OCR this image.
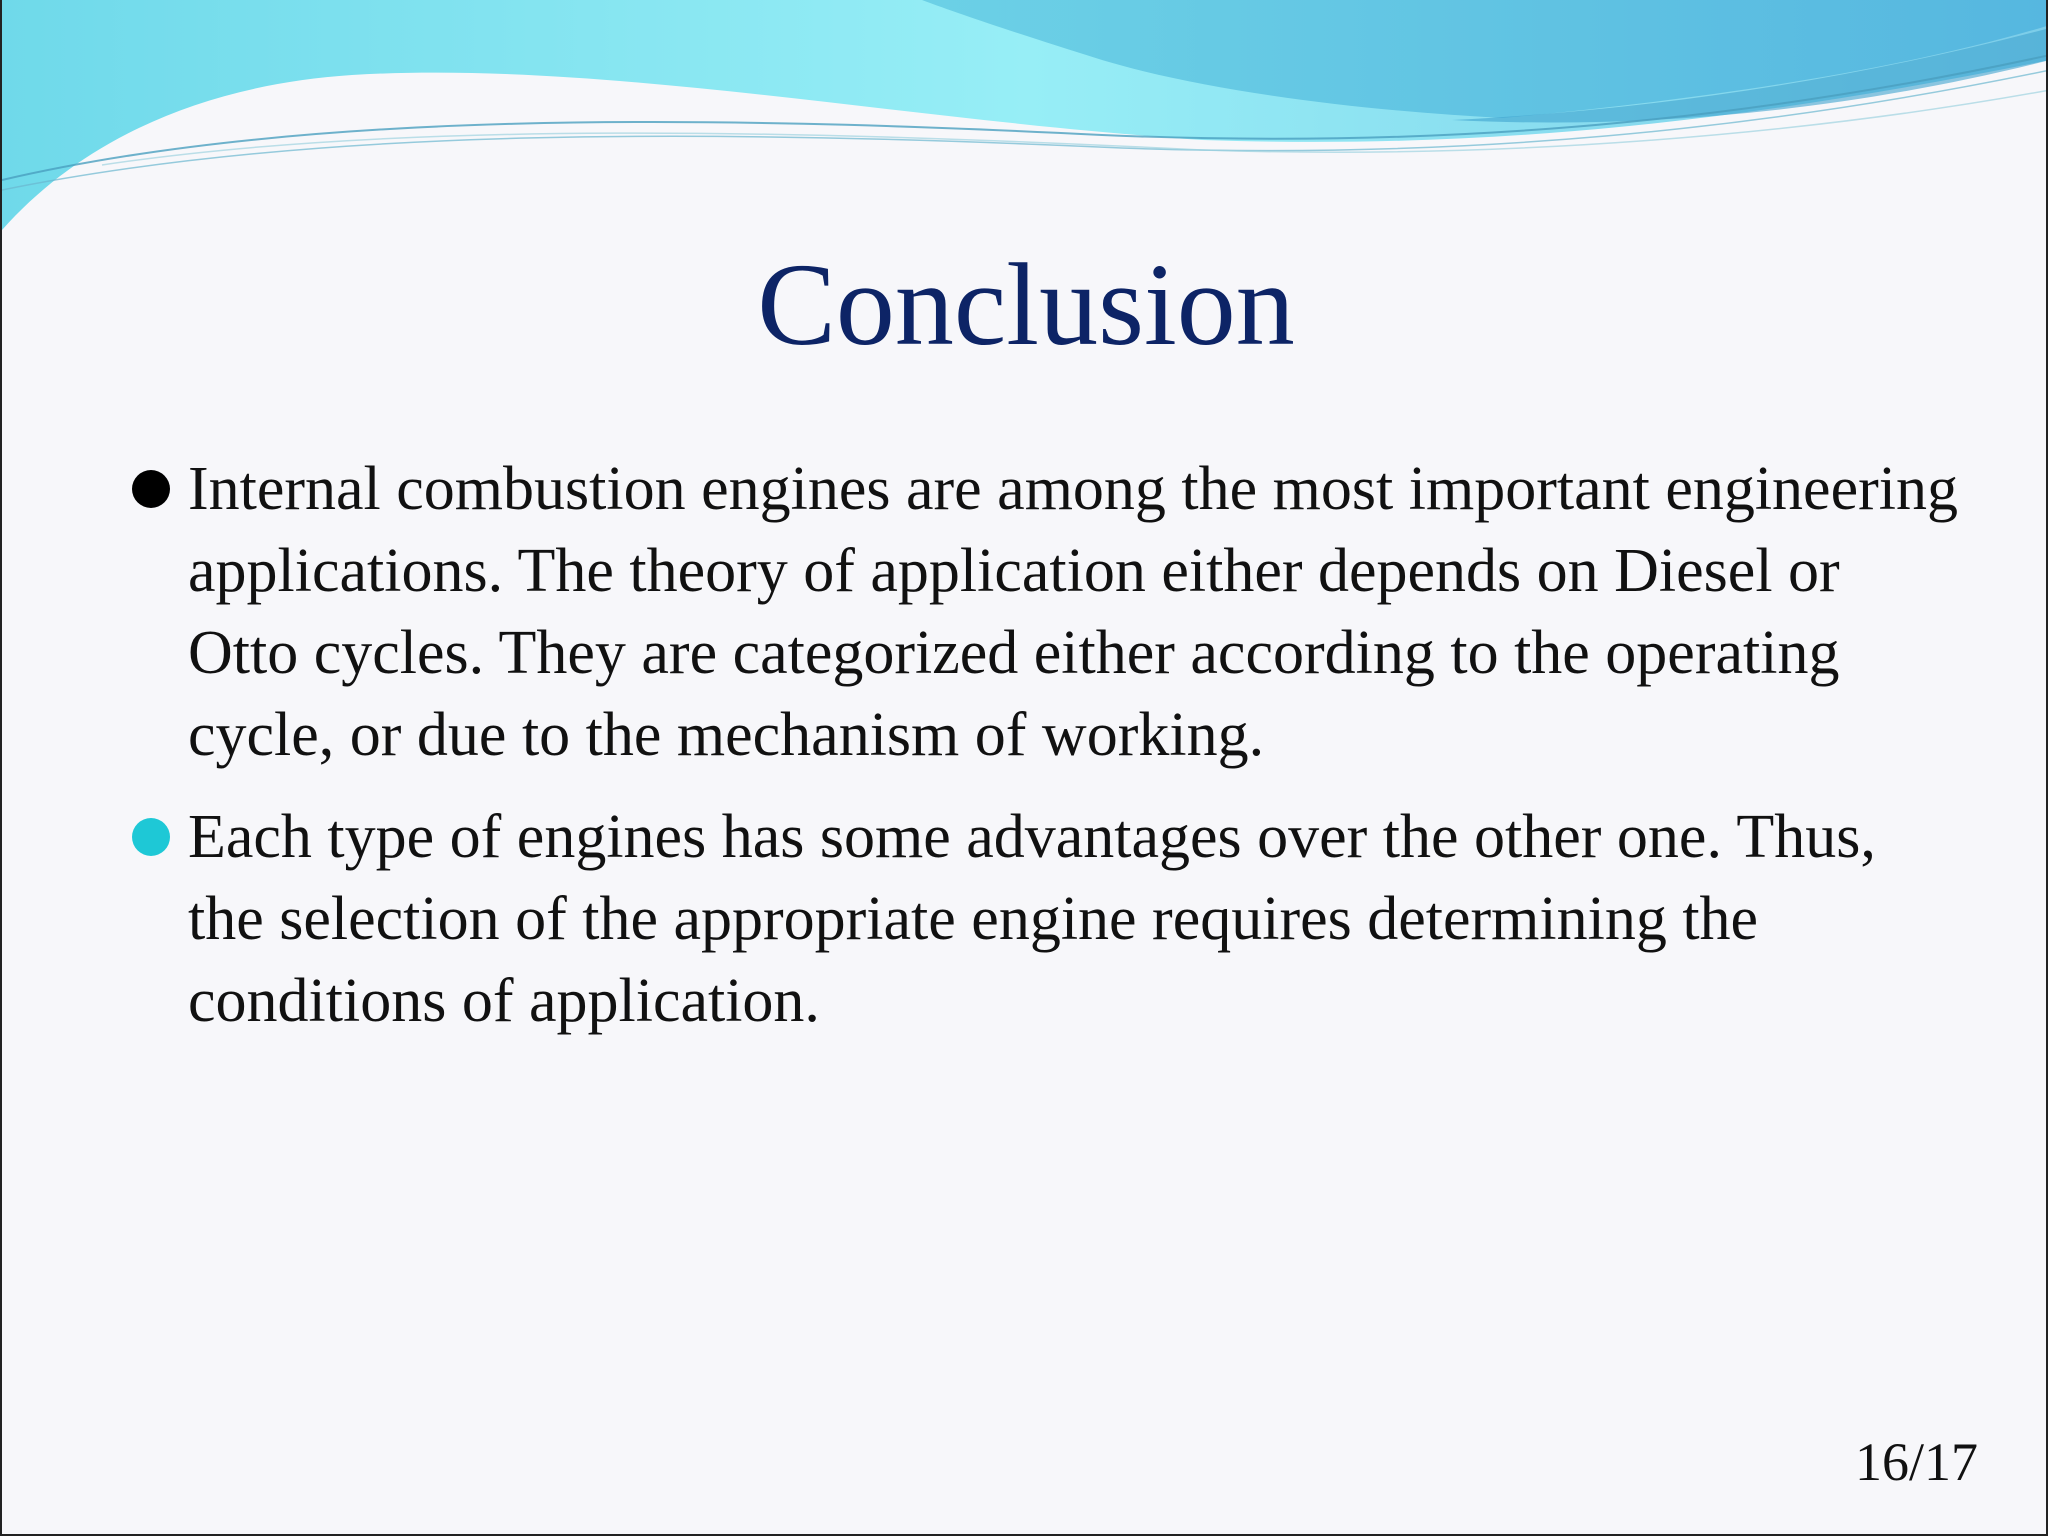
Conclusion
Internal combustion engines are among the most important engineering applications. The theory of application either depends on Diesel or Otto cycles. They are categorized either according to the operating cycle, or due to the mechanism of working.
Each type of engines has some advantages over the other one. Thus, the selection of the appropriate engine requires determining the conditions of application.
16/17
